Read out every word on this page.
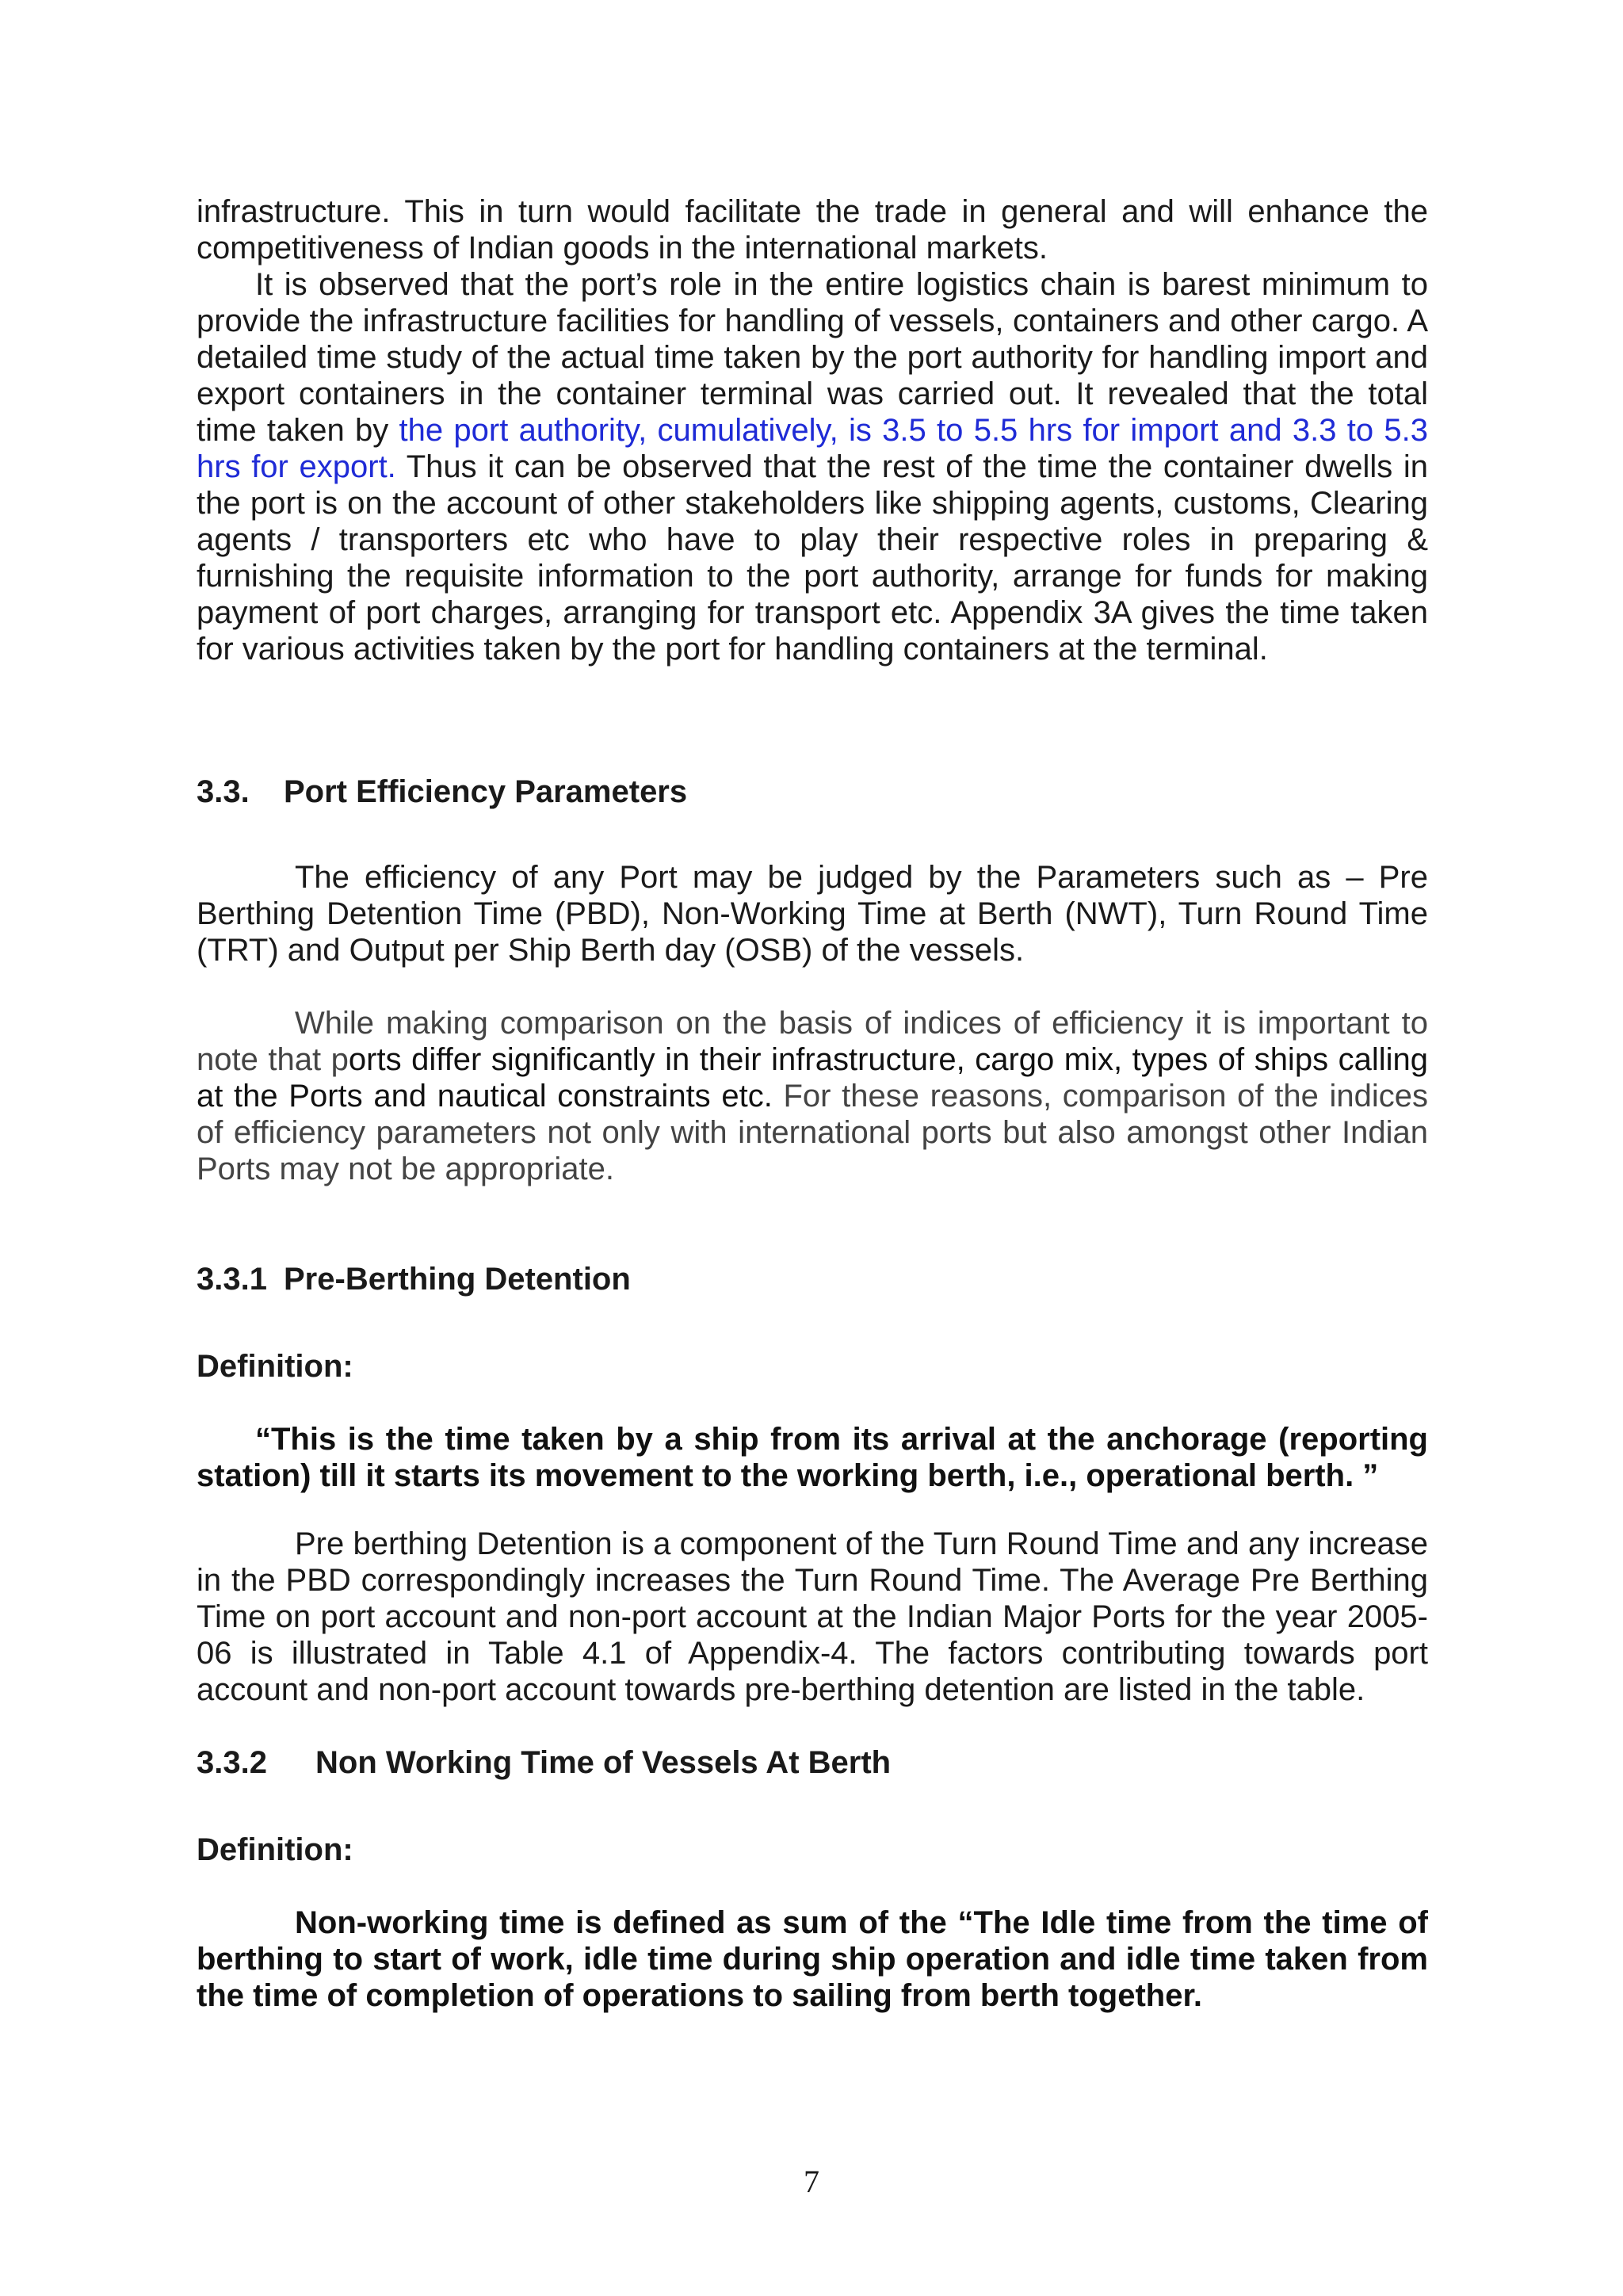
infrastructure. This in turn would facilitate the trade in general and will enhance the competitiveness of Indian goods in the international markets.

It is observed that the port’s role in the entire logistics chain is barest minimum to provide the infrastructure facilities for handling of vessels, containers and other cargo. A detailed time study of the actual time taken by the port authority for handling import and export containers in the container terminal was carried out. It revealed that the total time taken by the port authority, cumulatively, is 3.5 to 5.5 hrs for import and 3.3 to 5.3 hrs for export. Thus it can be observed that the rest of the time the container dwells in the port is on the account of other stakeholders like shipping agents, customs, Clearing agents / transporters etc who have to play their respective roles in preparing & furnishing the requisite information to the port authority, arrange for funds for making payment of port charges, arranging for transport etc. Appendix 3A gives the time taken for various activities taken by the port for handling containers at the terminal.

3.3. Port Efficiency Parameters

The efficiency of any Port may be judged by the Parameters such as – Pre Berthing Detention Time (PBD), Non-Working Time at Berth (NWT), Turn Round Time (TRT) and Output per Ship Berth day (OSB) of the vessels.

While making comparison on the basis of indices of efficiency it is important to note that ports differ significantly in their infrastructure, cargo mix, types of ships calling at the Ports and nautical constraints etc. For these reasons, comparison of the indices of efficiency parameters not only with international ports but also amongst other Indian Ports may not be appropriate.

3.3.1 Pre-Berthing Detention

Definition:

“This is the time taken by a ship from its arrival at the anchorage (reporting station) till it starts its movement to the working berth, i.e., operational berth. ”

Pre berthing Detention is a component of the Turn Round Time and any increase in the PBD correspondingly increases the Turn Round Time. The Average Pre Berthing Time on port account and non-port account at the Indian Major Ports for the year 2005-06 is illustrated in Table 4.1 of Appendix-4. The factors contributing towards port account and non-port account towards pre-berthing detention are listed in the table.

3.3.2 Non Working Time of Vessels At Berth

Definition:

Non-working time is defined as sum of the “The Idle time from the time of berthing to start of work, idle time during ship operation and idle time taken from the time of completion of operations to sailing from berth together.

7
